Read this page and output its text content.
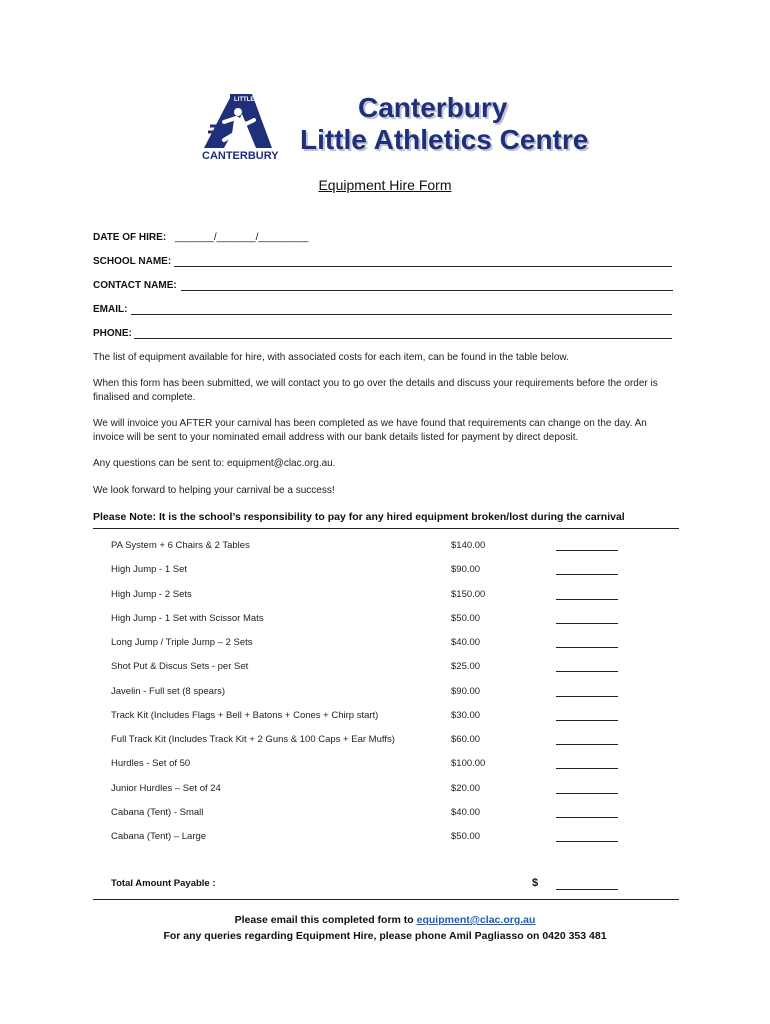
LITTLE
CANTERBURY
Canterbury
Little Athletics Centre
Equipment Hire Form
DATE OF HIRE: _______/_______/_________
SCHOOL NAME:
CONTACT NAME:
EMAIL:
PHONE:
The list of equipment available for hire, with associated costs for each item, can be found in the table below.
When this form has been submitted, we will contact you to go over the details and discuss your requirements before the order is finalised and complete.
We will invoice you AFTER your carnival has been completed as we have found that requirements can change on the day. An invoice will be sent to your nominated email address with our bank details listed for payment by direct deposit.
Any questions can be sent to: equipment@clac.org.au.
We look forward to helping your carnival be a success!
Please Note: It is the school’s responsibility to pay for any hired equipment broken/lost during the carnival
PA System + 6 Chairs & 2 Tables	$140.00
High Jump - 1 Set	$90.00
High Jump - 2 Sets	$150.00
High Jump - 1 Set with Scissor Mats	$50.00
Long Jump / Triple Jump – 2 Sets	$40.00
Shot Put & Discus Sets - per Set	$25.00
Javelin - Full set (8 spears)	$90.00
Track Kit (Includes Flags + Bell + Batons + Cones + Chirp start)	$30.00
Full Track Kit (Includes Track Kit + 2 Guns & 100 Caps + Ear Muffs)	$60.00
Hurdles - Set of 50	$100.00
Junior Hurdles – Set of 24	$20.00
Cabana (Tent) - Small	$40.00
Cabana (Tent) – Large	$50.00
Total Amount Payable :	$
Please email this completed form to equipment@clac.org.au
For any queries regarding Equipment Hire, please phone Amil Pagliasso on 0420 353 481
